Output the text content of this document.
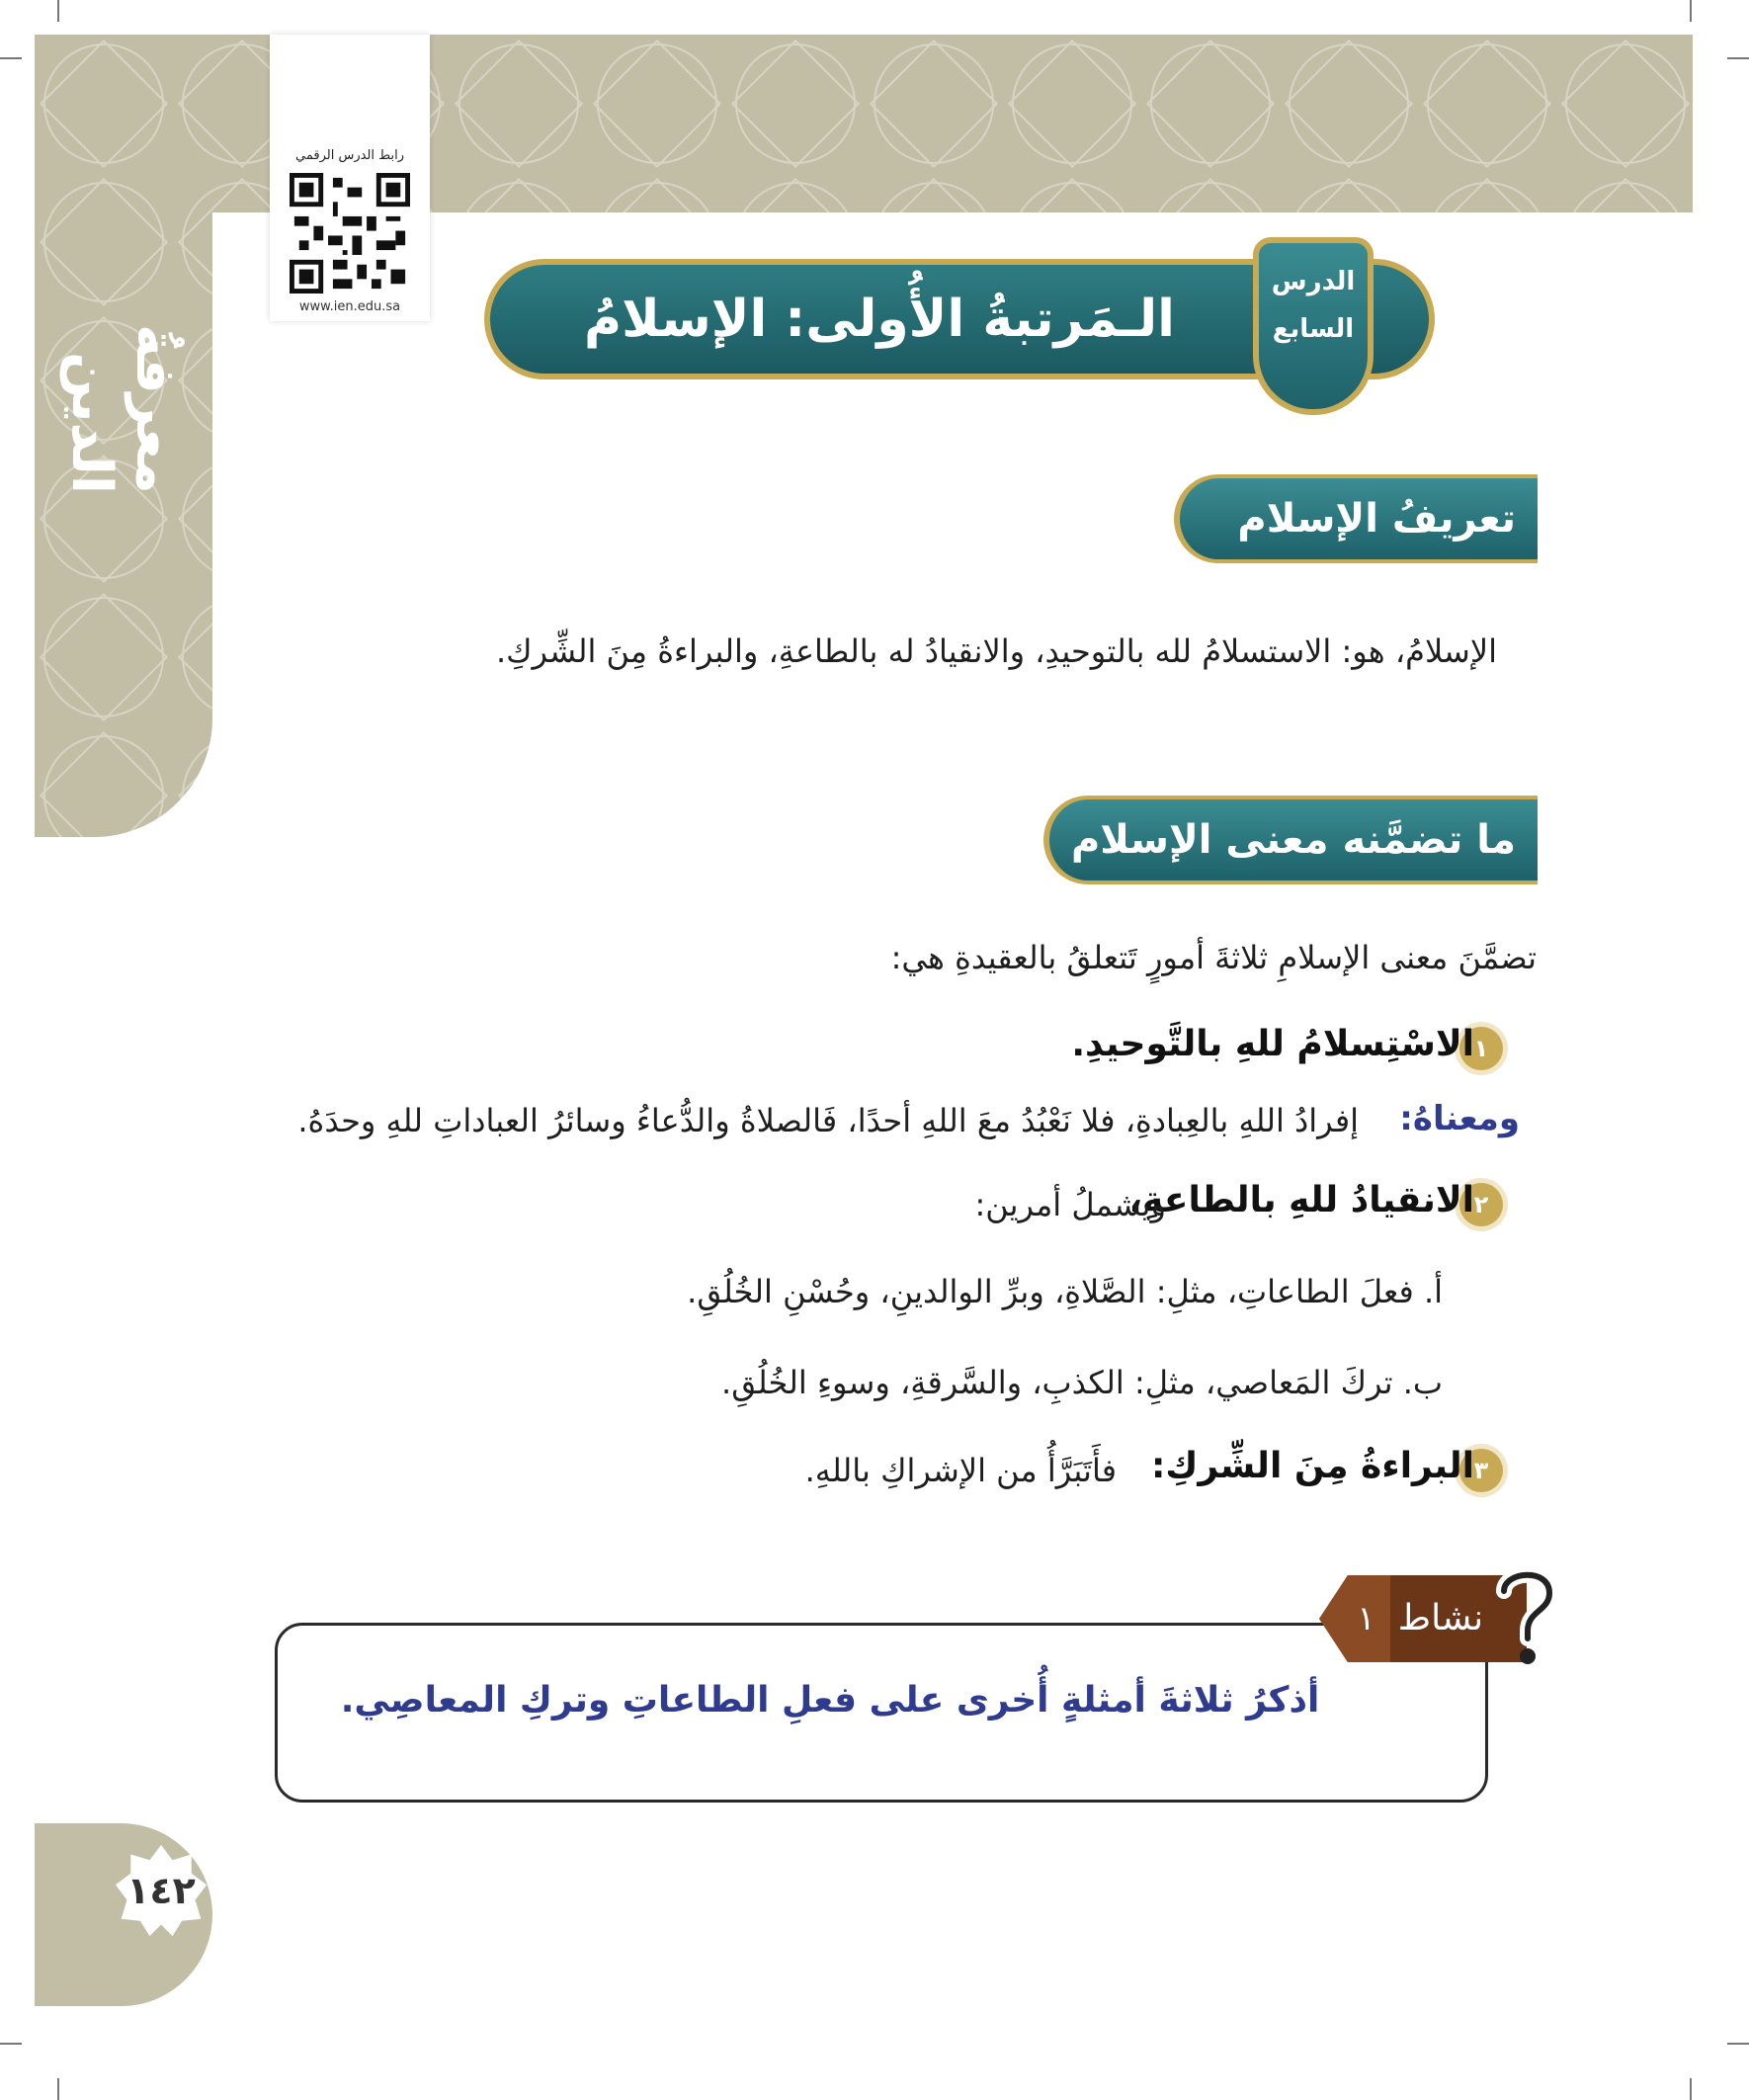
معرفةُ الدين
رابط الدرس الرقمي
www.ien.edu.sa	الـمَرتبةُ الأُولى: الإسلامُ
الدرس
السابع
تعريفُ الإسلام
الإسلامُ، هو: الاستسلامُ لله بالتوحيدِ، والانقيادُ له بالطاعةِ، والبراءةُ مِنَ الشِّركِ.
ما تضمَّنه معنى الإسلام
تضمَّنَ معنى الإسلامِ ثلاثةَ أمورٍ تَتعلقُ بالعقيدةِ هي:
١
الاسْتِسلامُ للهِ بالتَّوحيدِ.
ومعناهُ:
إفرادُ اللهِ بالعِبادةِ، فلا نَعْبُدُ معَ اللهِ أحدًا، فَالصلاةُ والدُّعاءُ وسائرُ العباداتِ للهِ وحدَهُ.
٢
الانقيادُ للهِ بالطاعةِ،
ويشملُ أمرين:
أ. فعلَ الطاعاتِ، مثلِ: الصَّلاةِ، وبرِّ الوالدينِ، وحُسْنِ الخُلُقِ.
ب. تركَ المَعاصي، مثلِ: الكذبِ، والسَّرقةِ، وسوءِ الخُلُقِ.
٣
البراءةُ مِنَ الشِّركِ:
فأَتَبَرَّأُ من الإشراكِ باللهِ.
نشاط
١
أذكرُ ثلاثةَ أمثلةٍ أُخرى على فعلِ الطاعاتِ وتركِ المعاصِي.
١٤٢
